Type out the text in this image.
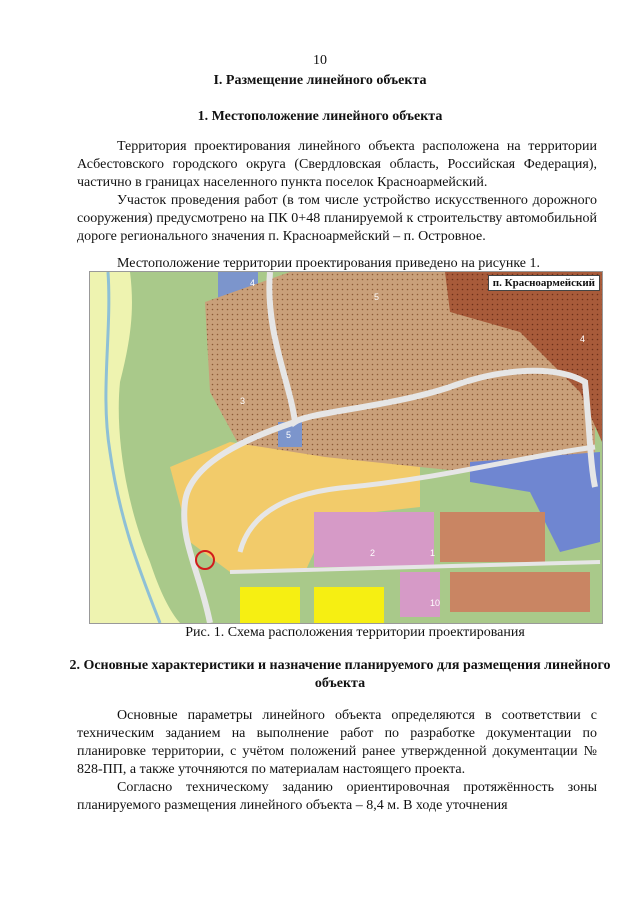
10
I. Размещение линейного объекта
1. Местоположение линейного объекта

Территория проектирования линейного объекта расположена на территории Асбестовского городского округа (Свердловская область, Российская Федерация), частично в границах населенного пункта поселок Красноармейский.

Участок проведения работ (в том числе устройство искусственного дорожного сооружения) предусмотрено на ПК 0+48 планируемой к строительству автомобильной дороге регионального значения п. Красноармейский – п. Островное.

Местоположение территории проектирования приведено на рисунке 1.

4
5
3
5
2	1
10
4
п. Красноармейский
Рис. 1. Схема расположения территории проектирования
2. Основные характеристики и назначение планируемого для размещения линейного объекта

Основные параметры линейного объекта определяются в соответствии с техническим заданием на выполнение работ по разработке документации по планировке территории, с учётом положений ранее утвержденной документации № 828-ПП, а также уточняются по материалам настоящего проекта.

Согласно техническому заданию ориентировочная протяжённость зоны планируемого размещения линейного объекта – 8,4 м. В ходе уточнения
